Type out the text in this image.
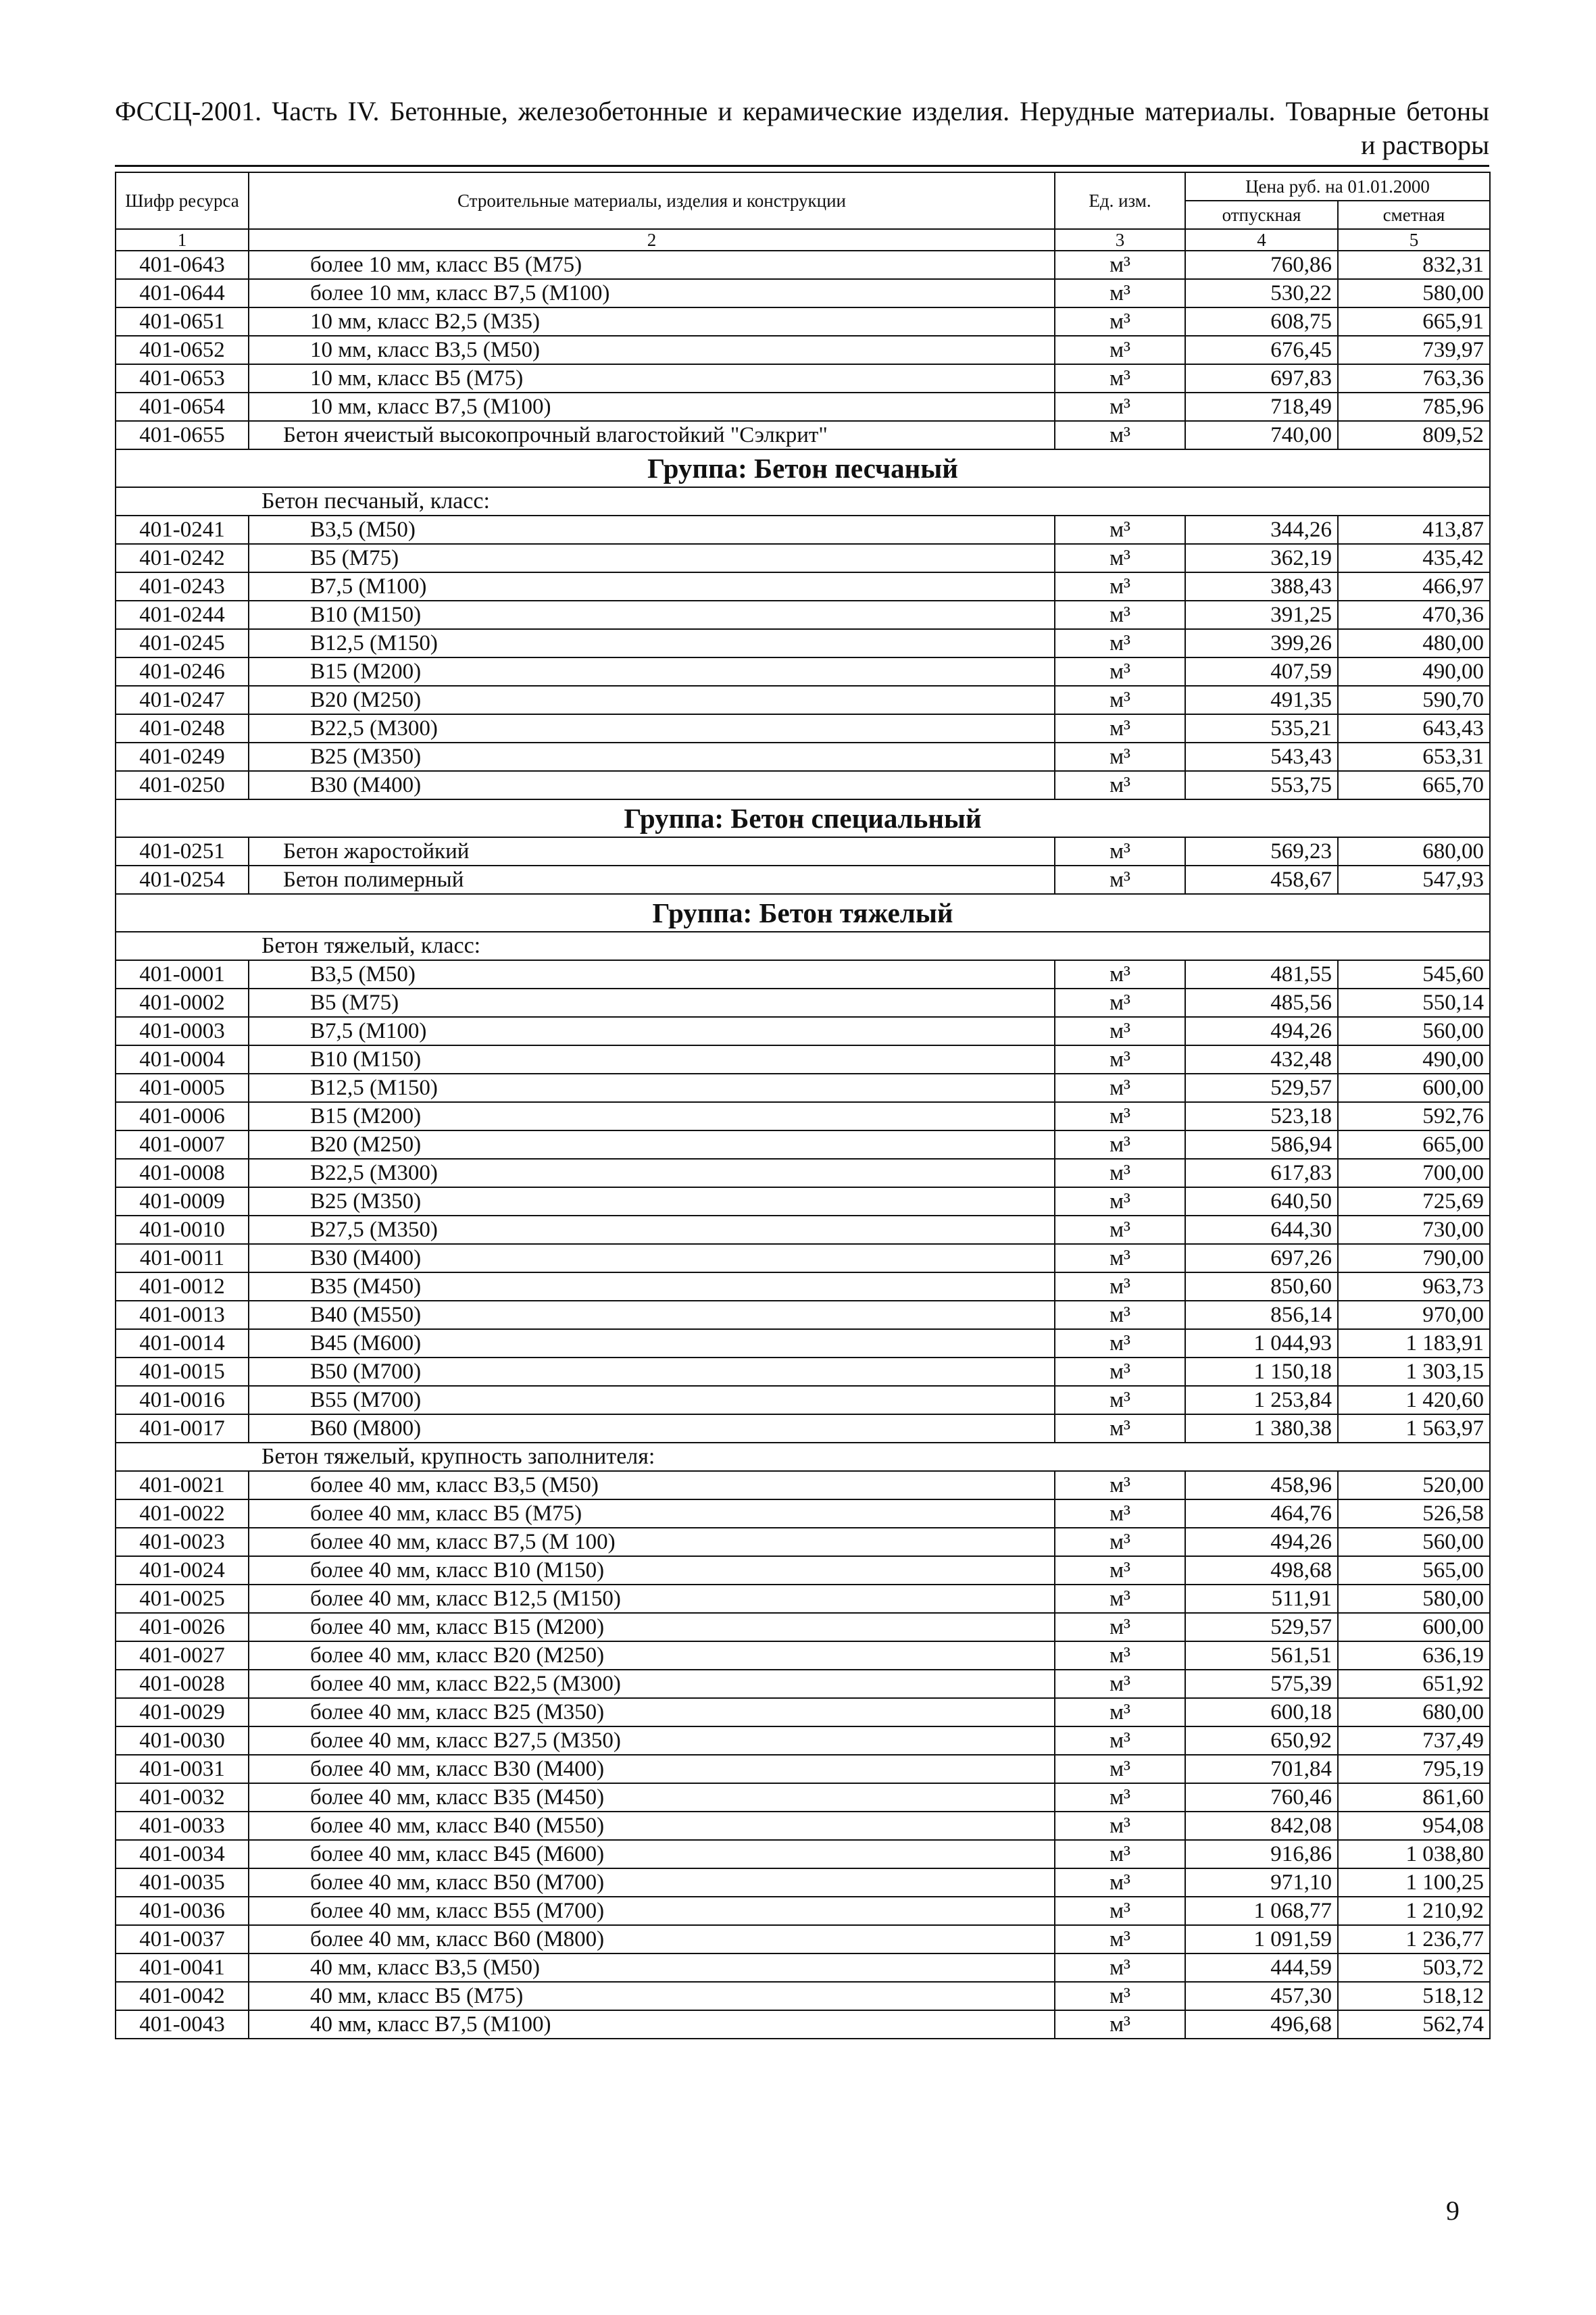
ФССЦ-2001. Часть IV. Бетонные, железобетонные и керамические изделия. Нерудные материалы. Товарные бетоны
и растворы
Шифр ресурса	Строительные материалы, изделия и конструкции	Ед. изм.	Цена руб. на 01.01.2000	
			отпускная	сметная
1	2	3	4	5
401-0643	более 10 мм, класс В5 (М75)	м³	760,86	832,31
401-0644	более 10 мм, класс В7,5 (М100)	м³	530,22	580,00
401-0651	10 мм, класс В2,5 (М35)	м³	608,75	665,91
401-0652	10 мм, класс В3,5 (М50)	м³	676,45	739,97
401-0653	10 мм, класс В5 (М75)	м³	697,83	763,36
401-0654	10 мм, класс В7,5 (М100)	м³	718,49	785,96
401-0655	Бетон ячеистый высокопрочный влагостойкий "Сэлкрит"	м³	740,00	809,52
Группа: Бетон песчаный				
Бетон песчаный, класс:				
401-0241	В3,5 (М50)	м³	344,26	413,87
401-0242	В5 (М75)	м³	362,19	435,42
401-0243	В7,5 (М100)	м³	388,43	466,97
401-0244	В10 (М150)	м³	391,25	470,36
401-0245	В12,5 (М150)	м³	399,26	480,00
401-0246	В15 (М200)	м³	407,59	490,00
401-0247	В20 (М250)	м³	491,35	590,70
401-0248	В22,5 (М300)	м³	535,21	643,43
401-0249	В25 (М350)	м³	543,43	653,31
401-0250	В30 (М400)	м³	553,75	665,70
Группа: Бетон специальный				
401-0251	Бетон жаростойкий	м³	569,23	680,00
401-0254	Бетон полимерный	м³	458,67	547,93
Группа: Бетон тяжелый				
Бетон тяжелый, класс:				
401-0001	В3,5 (М50)	м³	481,55	545,60
401-0002	В5 (М75)	м³	485,56	550,14
401-0003	В7,5 (М100)	м³	494,26	560,00
401-0004	В10 (М150)	м³	432,48	490,00
401-0005	В12,5 (М150)	м³	529,57	600,00
401-0006	В15 (М200)	м³	523,18	592,76
401-0007	В20 (М250)	м³	586,94	665,00
401-0008	В22,5 (М300)	м³	617,83	700,00
401-0009	В25 (М350)	м³	640,50	725,69
401-0010	В27,5 (М350)	м³	644,30	730,00
401-0011	В30 (М400)	м³	697,26	790,00
401-0012	В35 (М450)	м³	850,60	963,73
401-0013	В40 (М550)	м³	856,14	970,00
401-0014	В45 (М600)	м³	1 044,93	1 183,91
401-0015	В50 (М700)	м³	1 150,18	1 303,15
401-0016	В55 (М700)	м³	1 253,84	1 420,60
401-0017	В60 (М800)	м³	1 380,38	1 563,97
Бетон тяжелый, крупность заполнителя:				
401-0021	более 40 мм, класс В3,5 (М50)	м³	458,96	520,00
401-0022	более 40 мм, класс В5 (М75)	м³	464,76	526,58
401-0023	более 40 мм, класс В7,5 (М 100)	м³	494,26	560,00
401-0024	более 40 мм, класс В10 (М150)	м³	498,68	565,00
401-0025	более 40 мм, класс В12,5 (М150)	м³	511,91	580,00
401-0026	более 40 мм, класс В15 (М200)	м³	529,57	600,00
401-0027	более 40 мм, класс В20 (М250)	м³	561,51	636,19
401-0028	более 40 мм, класс В22,5 (М300)	м³	575,39	651,92
401-0029	более 40 мм, класс В25 (М350)	м³	600,18	680,00
401-0030	более 40 мм, класс В27,5 (М350)	м³	650,92	737,49
401-0031	более 40 мм, класс В30 (М400)	м³	701,84	795,19
401-0032	более 40 мм, класс В35 (М450)	м³	760,46	861,60
401-0033	более 40 мм, класс В40 (М550)	м³	842,08	954,08
401-0034	более 40 мм, класс В45 (М600)	м³	916,86	1 038,80
401-0035	более 40 мм, класс В50 (М700)	м³	971,10	1 100,25
401-0036	более 40 мм, класс В55 (М700)	м³	1 068,77	1 210,92
401-0037	более 40 мм, класс В60 (М800)	м³	1 091,59	1 236,77
401-0041	40 мм, класс В3,5 (М50)	м³	444,59	503,72
401-0042	40 мм, класс В5 (М75)	м³	457,30	518,12
401-0043	40 мм, класс В7,5 (М100)	м³	496,68	562,74
9
